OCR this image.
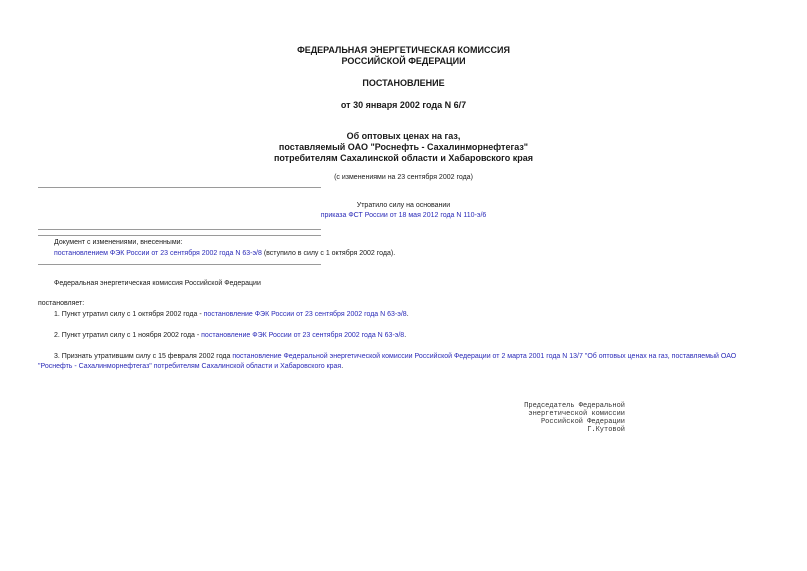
ФЕДЕРАЛЬНАЯ ЭНЕРГЕТИЧЕСКАЯ КОМИССИЯ
РОССИЙСКОЙ ФЕДЕРАЦИИ
ПОСТАНОВЛЕНИЕ
от 30 января 2002 года N 6/7
Об оптовых ценах на газ,
поставляемый ОАО "Роснефть - Сахалинморнефтегаз"
потребителям Сахалинской области и Хабаровского края
(с изменениями на 23 сентября 2002 года)
Утратило силу на основании
приказа ФСТ России от 18 мая 2012 года N 110-э/6
Документ с изменениями, внесенными:
постановлением ФЭК России от 23 сентября 2002 года N 63-э/8 (вступило в силу с 1 октября 2002 года).
Федеральная энергетическая комиссия Российской Федерации
постановляет:
1. Пункт утратил силу с 1 октября 2002 года - постановление ФЭК России от 23 сентября 2002 года N 63-э/8.
2. Пункт утратил силу с 1 ноября 2002 года - постановление ФЭК России от 23 сентября 2002 года N 63-э/8.
3. Признать утратившим силу с 15 февраля 2002 года постановление Федеральной энергетической комиссии Российской Федерации от 2 марта 2001 года N 13/7 "Об оптовых ценах на газ, поставляемый ОАО
"Роснефть - Сахалинморнефтегаз" потребителям Сахалинской области и Хабаровского края.
Председатель Федеральной
энергетической комиссии
Российской Федерации
Г.Кутовой
